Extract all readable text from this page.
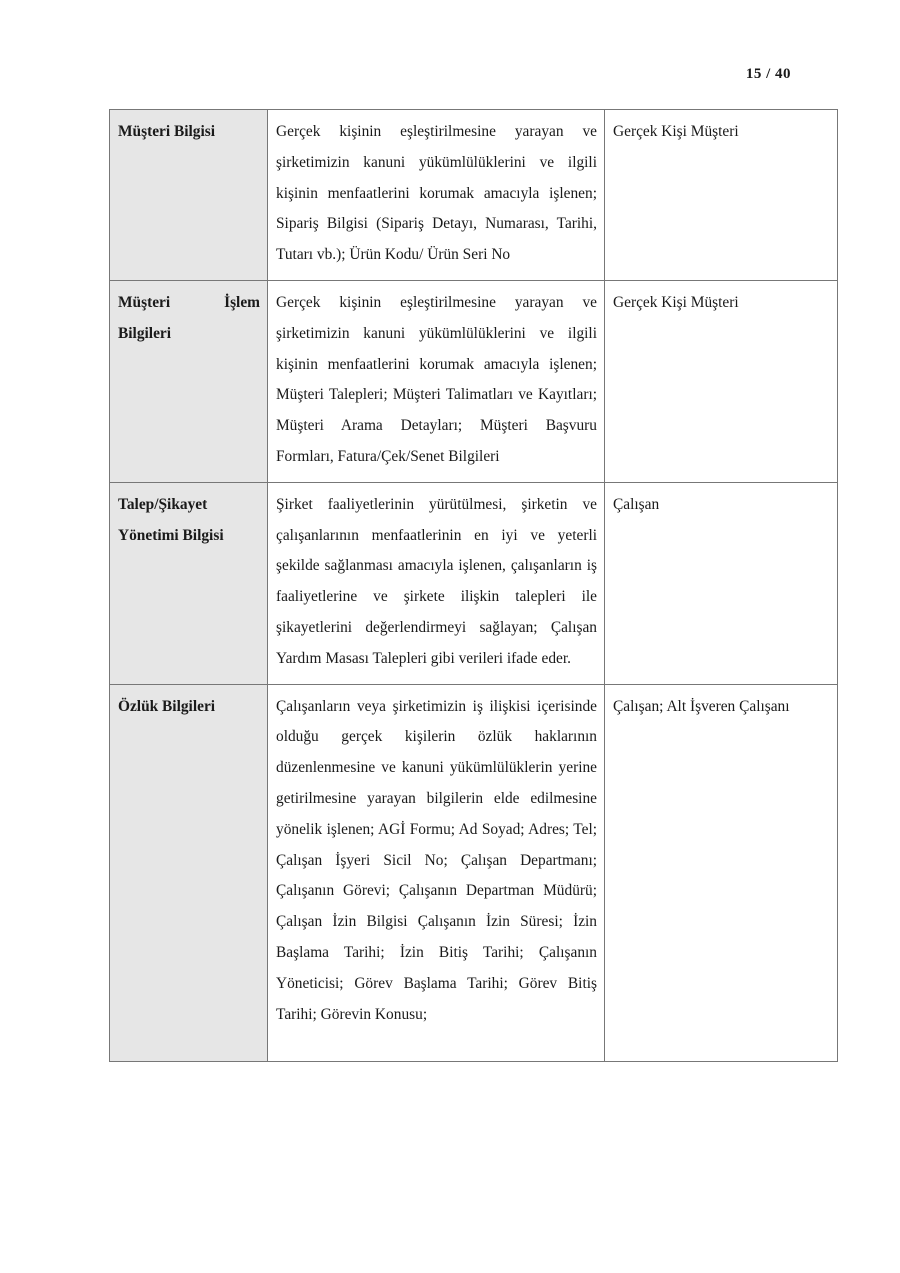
15 / 40
Müşteri Bilgisi	Gerçek kişinin eşleştirilmesine yarayan ve şirketimizin kanuni yükümlülüklerini ve ilgili kişinin menfaatlerini korumak amacıyla işlenen; Sipariş Bilgisi (Sipariş Detayı, Numarası, Tarihi, Tutarı vb.); Ürün Kodu/ Ürün Seri No	Gerçek Kişi Müşteri
Müşteri İşlem Bilgileri	Gerçek kişinin eşleştirilmesine yarayan ve şirketimizin kanuni yükümlülüklerini ve ilgili kişinin menfaatlerini korumak amacıyla işlenen; Müşteri Talepleri; Müşteri Talimatları ve Kayıtları; Müşteri Arama Detayları; Müşteri Başvuru Formları, Fatura/Çek/Senet Bilgileri	Gerçek Kişi Müşteri
Talep/Şikayet Yönetimi Bilgisi	Şirket faaliyetlerinin yürütülmesi, şirketin ve çalışanlarının menfaatlerinin en iyi ve yeterli şekilde sağlanması amacıyla işlenen, çalışanların iş faaliyetlerine ve şirkete ilişkin talepleri ile şikayetlerini değerlendirmeyi sağlayan; Çalışan Yardım Masası Talepleri gibi verileri ifade eder.	Çalışan
Özlük Bilgileri	Çalışanların veya şirketimizin iş ilişkisi içerisinde olduğu gerçek kişilerin özlük haklarının düzenlenmesine ve kanuni yükümlülüklerin yerine getirilmesine yarayan bilgilerin elde edilmesine yönelik işlenen; AGİ Formu; Ad Soyad; Adres; Tel; Çalışan İşyeri Sicil No; Çalışan Departmanı; Çalışanın Görevi; Çalışanın Departman Müdürü; Çalışan İzin Bilgisi Çalışanın İzin Süresi; İzin Başlama Tarihi; İzin Bitiş Tarihi; Çalışanın Yöneticisi; Görev Başlama Tarihi; Görev Bitiş Tarihi; Görevin Konusu;	Çalışan; Alt İşveren Çalışanı
